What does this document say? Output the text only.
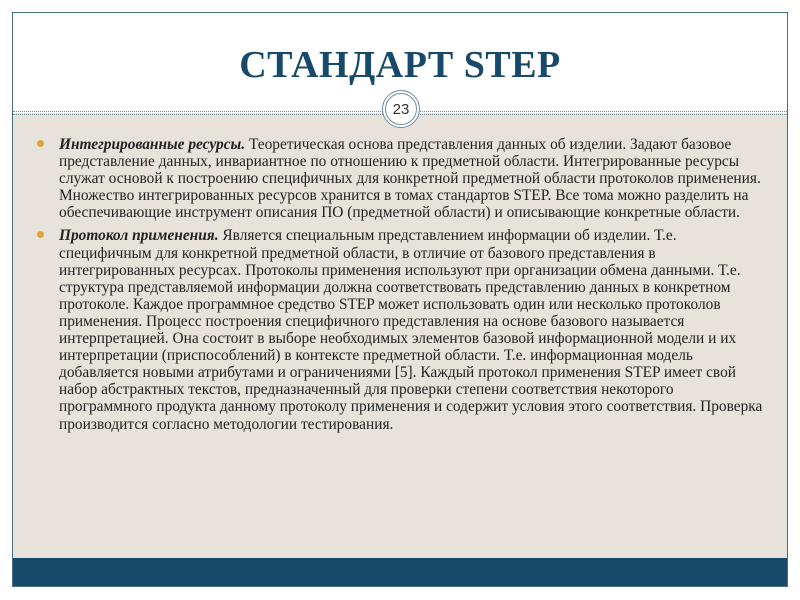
СТАНДАРТ STEP
23
Интегрированные ресурсы. Теоретическая основа представления данных об изделии. Задают базовое представление данных, инвариантное по отношению к предметной области. Интегрированные ресурсы служат основой к построению специфичных для конкретной предметной области протоколов применения. Множество интегрированных ресурсов хранится в томах стандартов STEP. Все тома можно разделить на обеспечивающие инструмент описания ПО (предметной области) и описывающие конкретные области.
Протокол применения. Является специальным представлением информации об изделии. Т.е. специфичным для конкретной предметной области, в отличие от базового представления в интегрированных ресурсах. Протоколы применения используют при организации обмена данными. Т.е. структура представляемой информации должна соответствовать представлению данных в конкретном протоколе. Каждое программное средство STEP может использовать один или несколько протоколов применения. Процесс построения специфичного представления на основе базового называется интерпретацией. Она состоит в выборе необходимых элементов базовой информационной модели и их интерпретации (приспособлений) в контексте предметной области. Т.е. информационная модель добавляется новыми атрибутами и ограничениями [5]. Каждый протокол применения STEP имеет свой набор абстрактных текстов, предназначенный для проверки степени соответствия некоторого программного продукта данному протоколу применения и содержит условия этого соответствия. Проверка производится согласно методологии тестирования.
